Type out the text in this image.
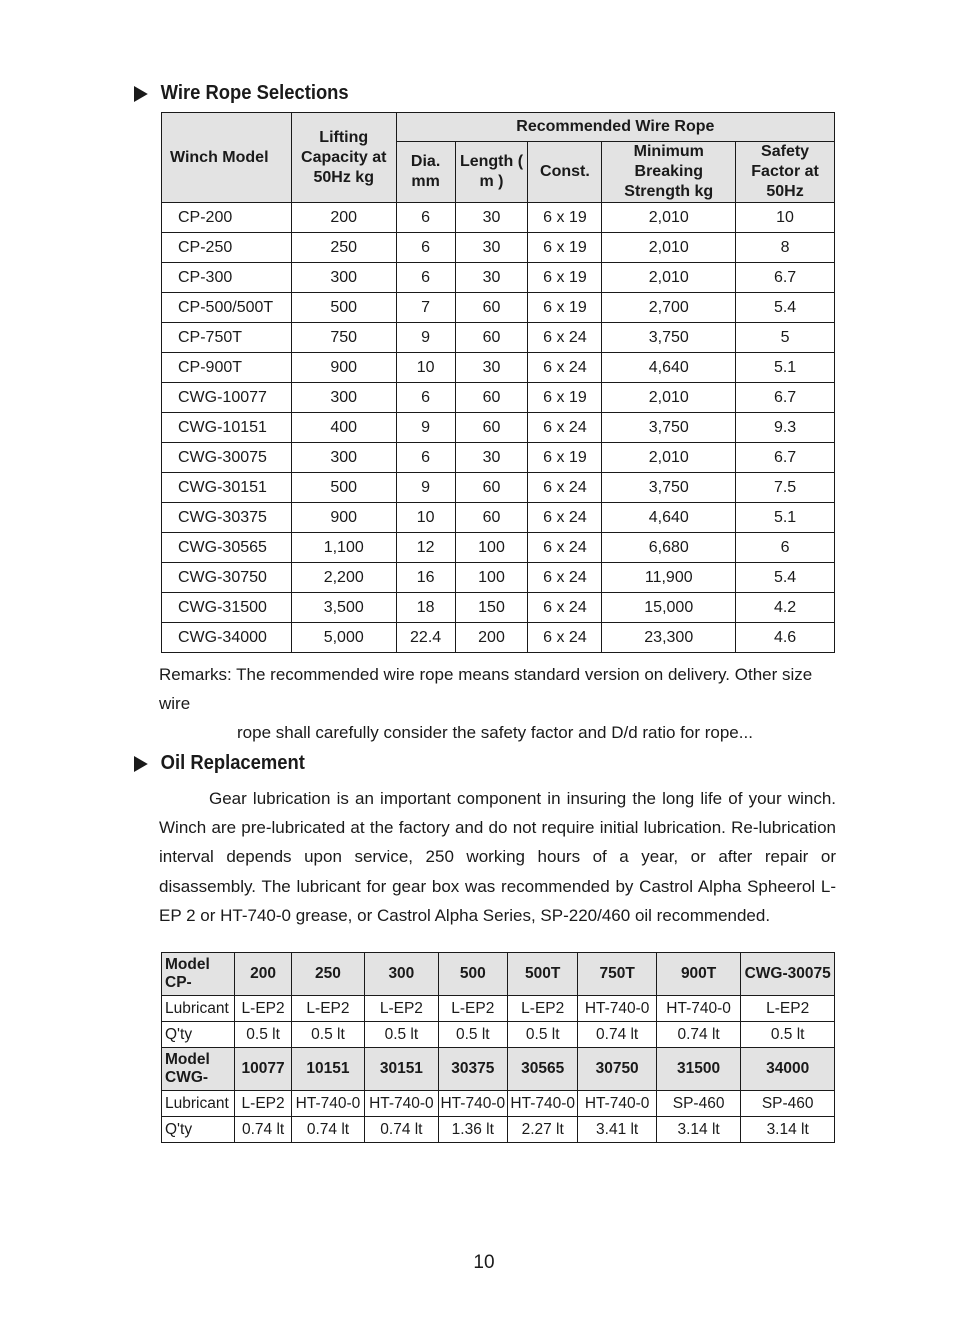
Wire Rope Selections
Winch Model	Lifting Capacity at 50Hz kg	Recommended Wire Rope				
		Dia. mm	Length ( m )	Const.	Minimum Breaking Strength kg	Safety Factor at 50Hz
CP-200	200	6	30	6 x 19	2,010	10
CP-250	250	6	30	6 x 19	2,010	8
CP-300	300	6	30	6 x 19	2,010	6.7
CP-500/500T	500	7	60	6 x 19	2,700	5.4
CP-750T	750	9	60	6 x 24	3,750	5
CP-900T	900	10	30	6 x 24	4,640	5.1
CWG-10077	300	6	60	6 x 19	2,010	6.7
CWG-10151	400	9	60	6 x 24	3,750	9.3
CWG-30075	300	6	30	6 x 19	2,010	6.7
CWG-30151	500	9	60	6 x 24	3,750	7.5
CWG-30375	900	10	60	6 x 24	4,640	5.1
CWG-30565	1,100	12	100	6 x 24	6,680	6
CWG-30750	2,200	16	100	6 x 24	11,900	5.4
CWG-31500	3,500	18	150	6 x 24	15,000	4.2
CWG-34000	5,000	22.4	200	6 x 24	23,300	4.6
Remarks: The recommended wire rope means standard version on delivery. Other size wire
rope shall carefully consider the safety factor and D/d ratio for rope...
Oil Replacement

Gear lubrication is an important component in insuring the long life of your winch. Winch are pre-lubricated at the factory and do not require initial lubrication. Re-lubrication interval depends upon service, 250 working hours of a year, or after repair or disassembly. The lubricant for gear box was recommended by Castrol Alpha Spheerol L-EP 2 or HT-740-0 grease, or Castrol Alpha Series, SP-220/460 oil recommended.

Model CP-	200	250	300	500	500T	750T	900T	CWG-30075
Lubricant	L-EP2	L-EP2	L-EP2	L-EP2	L-EP2	HT-740-0	HT-740-0	L-EP2
Q'ty	0.5 lt	0.5 lt	0.5 lt	0.5 lt	0.5 lt	0.74 lt	0.74 lt	0.5 lt
Model CWG-	10077	10151	30151	30375	30565	30750	31500	34000
Lubricant	L-EP2	HT-740-0	HT-740-0	HT-740-0	HT-740-0	HT-740-0	SP-460	SP-460
Q'ty	0.74 lt	0.74 lt	0.74 lt	1.36 lt	2.27 lt	3.41 lt	3.14 lt	3.14 lt
10
